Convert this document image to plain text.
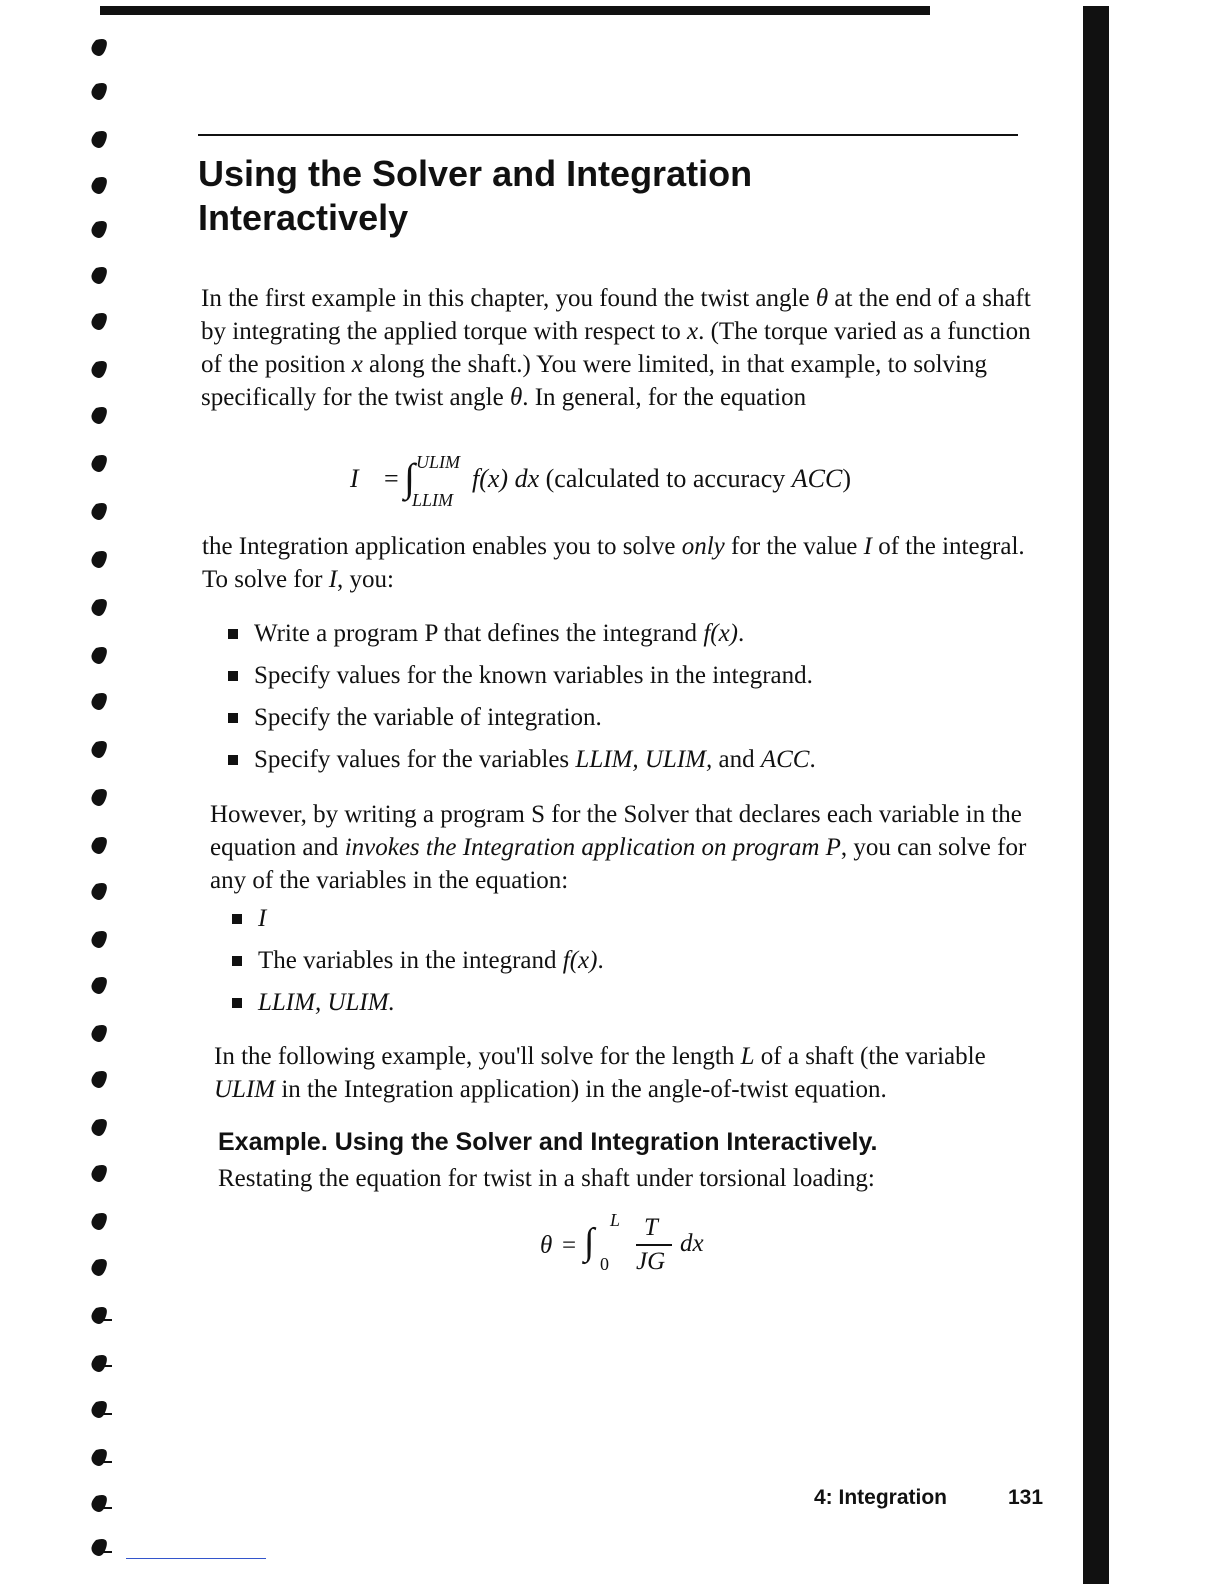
Using the Solver and Integration
Interactively

In the first example in this chapter, you found the twist angle θ at the end of a shaft by integrating the applied torque with respect to x. (The torque varied as a function of the position x along the shaft.) You were limited, in that example, to solving specifically for the twist angle θ. In general, for the equation

I = ∫ ULIM
LLIM
f(x) dx (calculated to accuracy ACC)

the Integration application enables you to solve only for the value I of the integral. To solve for I, you:

Write a program P that defines the integrand f(x).
Specify values for the known variables in the integrand.
Specify the variable of integration.
Specify values for the variables LLIM, ULIM, and ACC.

However, by writing a program S for the Solver that declares each variable in the equation and invokes the Integration application on program P, you can solve for any of the variables in the equation:

I
The variables in the integrand f(x).
LLIM, ULIM.

In the following example, you'll solve for the length L of a shaft (the variable ULIM in the Integration application) in the angle-of-twist equation.

Example. Using the Solver and Integration Interactively.

Restating the equation for twist in a shaft under torsional loading:

θ = ∫
L
0
T
JG
dx
4: Integration	131
